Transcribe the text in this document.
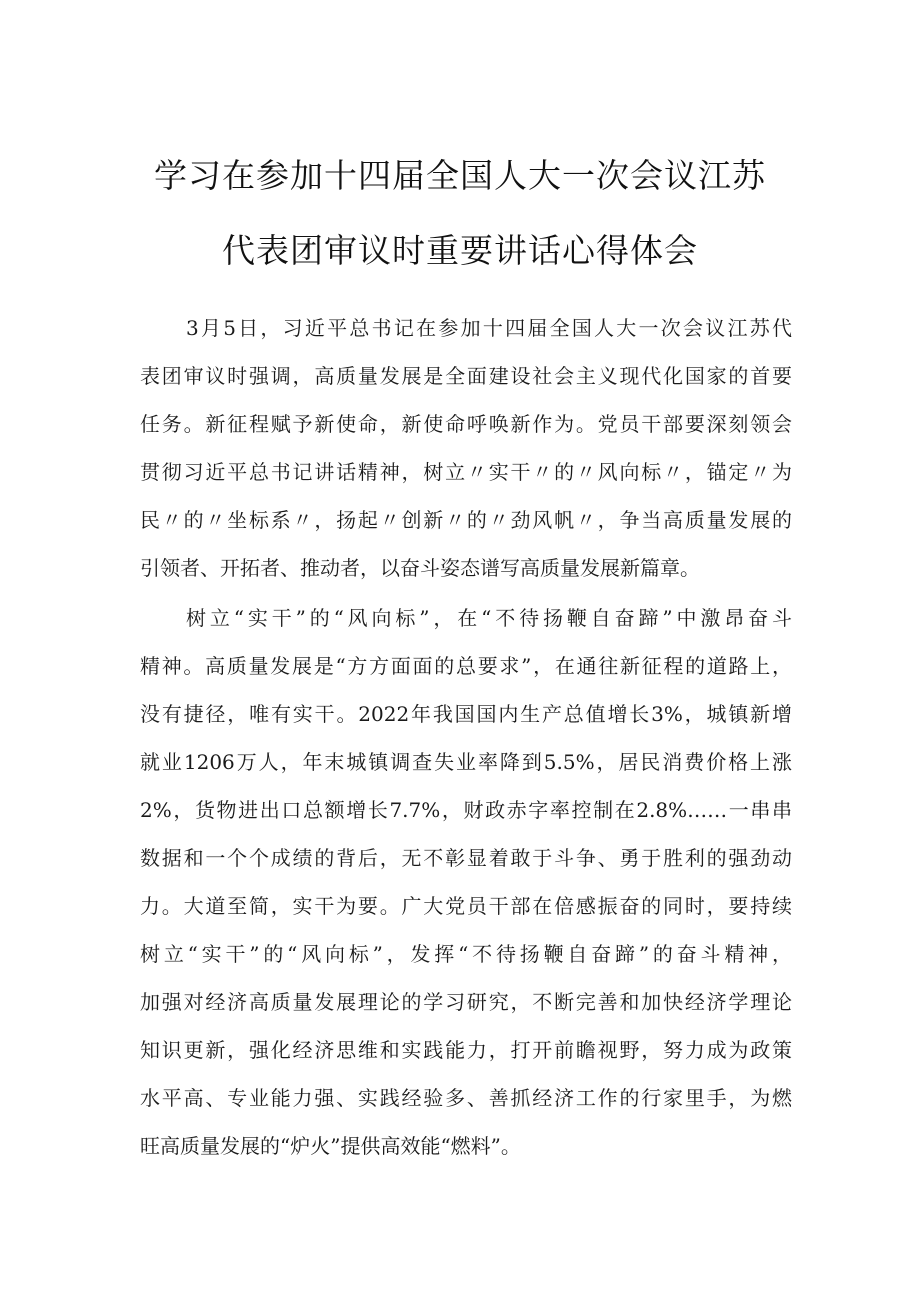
学习在参加十四届全国人大一次会议江苏
代表团审议时重要讲话心得体会
3月5日，习近平总书记在参加十四届全国人大一次会议江苏代
表团审议时强调，高质量发展是全面建设社会主义现代化国家的首要
任务。新征程赋予新使命，新使命呼唤新作为。党员干部要深刻领会
贯彻习近平总书记讲话精神，树立〃实干〃的〃风向标〃，锚定〃为
民〃的〃坐标系〃，扬起〃创新〃的〃劲风帆〃，争当高质量发展的
引领者、开拓者、推动者，以奋斗姿态谱写高质量发展新篇章。
树立“实干”的“风向标”，在“不待扬鞭自奋蹄”中激昂奋斗
精神。高质量发展是“方方面面的总要求”，在通往新征程的道路上，
没有捷径，唯有实干。2022年我国国内生产总值增长3%，城镇新增
就业1206万人，年末城镇调查失业率降到5.5%，居民消费价格上涨
2%，货物进出口总额增长7.7%，财政赤字率控制在2.8%……一串串
数据和一个个成绩的背后，无不彰显着敢于斗争、勇于胜利的强劲动
力。大道至简，实干为要。广大党员干部在倍感振奋的同时，要持续
树立“实干”的“风向标”，发挥“不待扬鞭自奋蹄”的奋斗精神，
加强对经济高质量发展理论的学习研究，不断完善和加快经济学理论
知识更新，强化经济思维和实践能力，打开前瞻视野，努力成为政策
水平高、专业能力强、实践经验多、善抓经济工作的行家里手，为燃
旺高质量发展的“炉火”提供高效能“燃料”。
